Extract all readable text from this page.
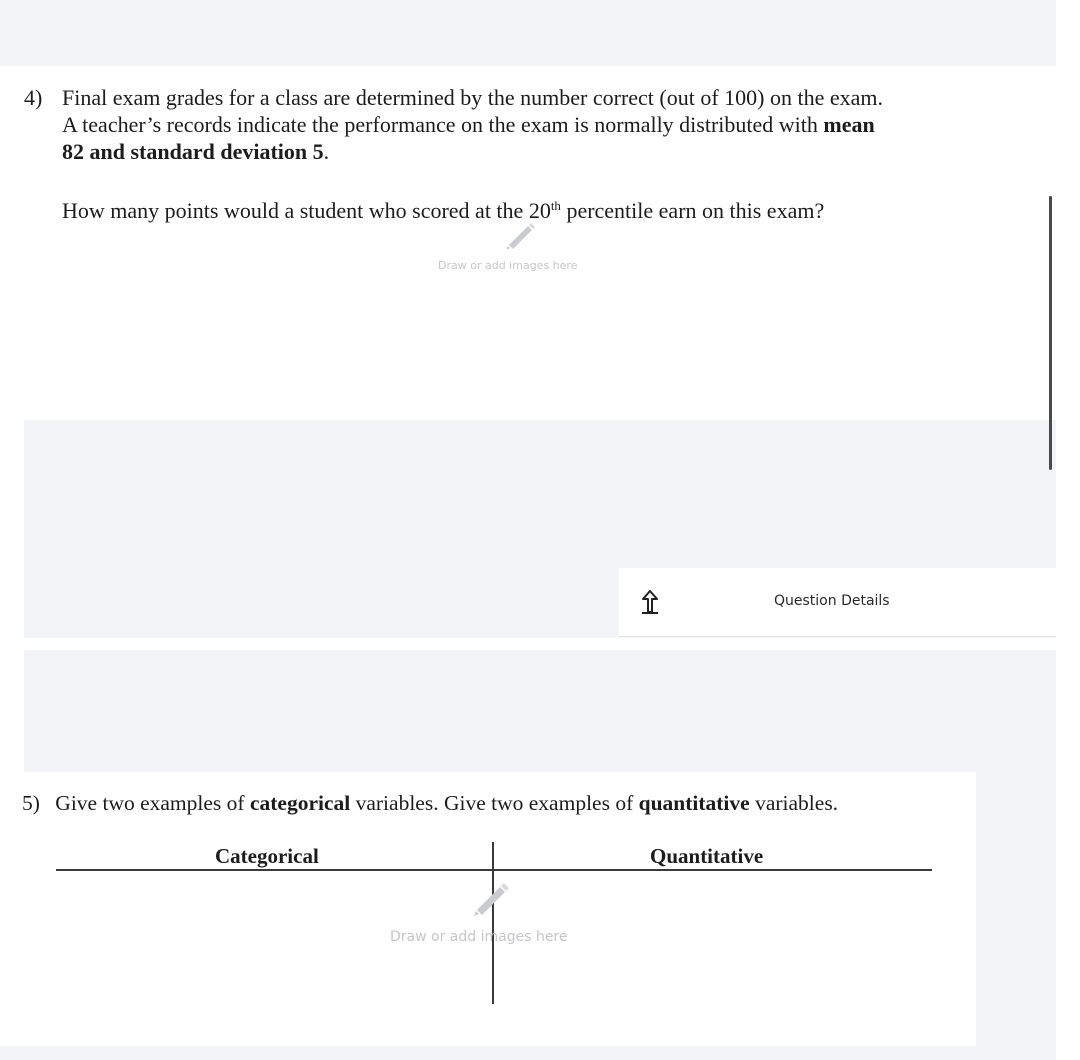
4) Final exam grades for a class are determined by the number correct (out of 100) on the exam.
A teacher’s records indicate the performance on the exam is normally distributed with mean
82 and standard deviation 5.
How many points would a student who scored at the 20th percentile earn on this exam?
Draw or add images here
Question Details
5) Give two examples of categorical variables. Give two examples of quantitative variables.
Categorical	Quantitative
Draw or add images here
